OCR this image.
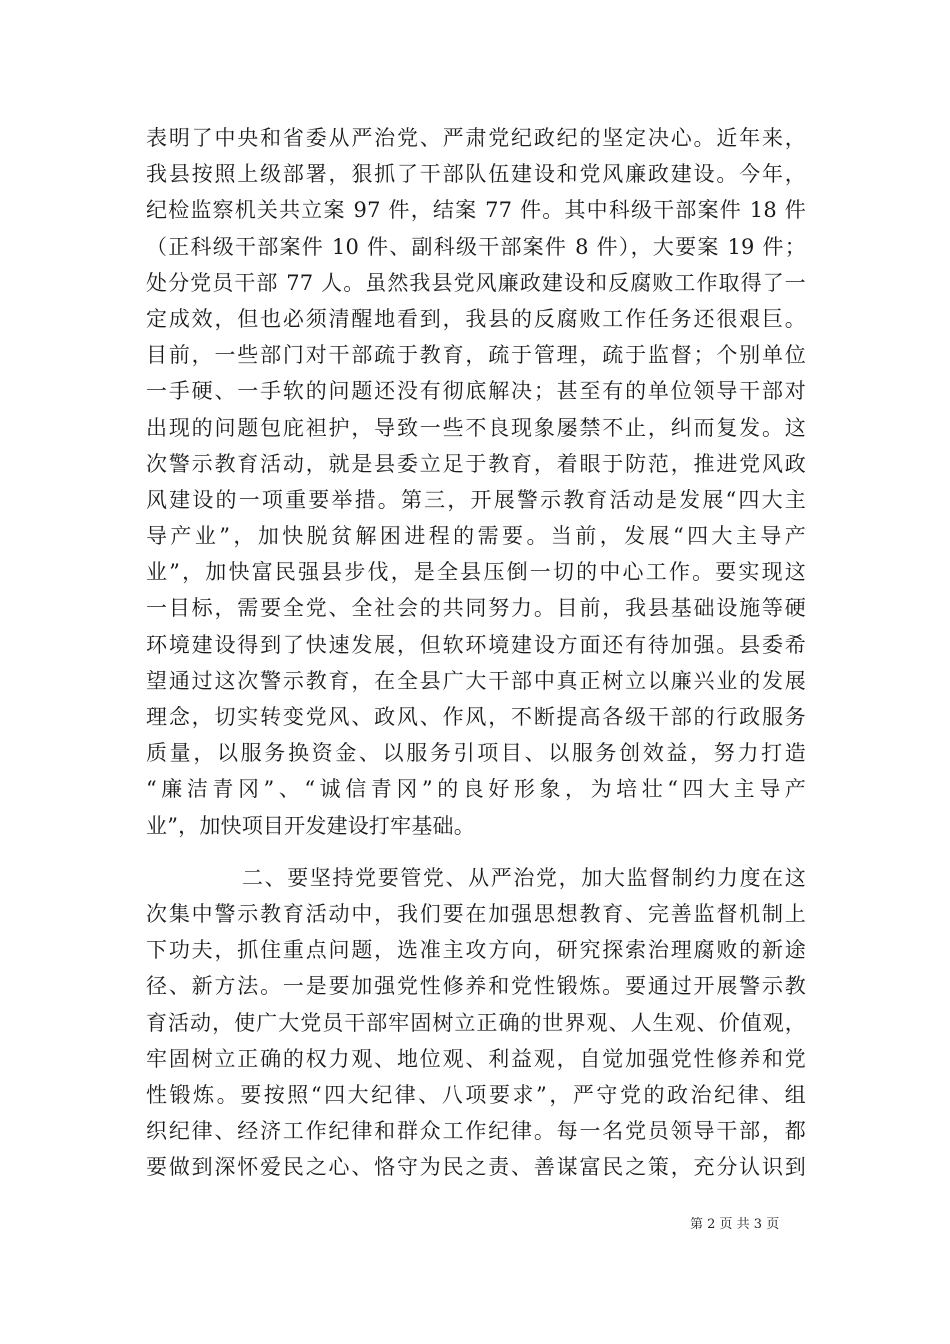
表明了中央和省委从严治党、严肃党纪政纪的坚定决心。近年来，
我县按照上级部署，狠抓了干部队伍建设和党风廉政建设。今年，
纪检监察机关共立案 97 件，结案 77 件。其中科级干部案件 18 件
（正科级干部案件 10 件、副科级干部案件 8 件），大要案 19 件；
处分党员干部 77 人。虽然我县党风廉政建设和反腐败工作取得了一
定成效，但也必须清醒地看到，我县的反腐败工作任务还很艰巨。
目前，一些部门对干部疏于教育，疏于管理，疏于监督；个别单位
一手硬、一手软的问题还没有彻底解决；甚至有的单位领导干部对
出现的问题包庇袒护，导致一些不良现象屡禁不止，纠而复发。这
次警示教育活动，就是县委立足于教育，着眼于防范，推进党风政
风建设的一项重要举措。第三，开展警示教育活动是发展“四大主
导产业”，加快脱贫解困进程的需要。当前，发展“四大主导产
业”，加快富民强县步伐，是全县压倒一切的中心工作。要实现这
一目标，需要全党、全社会的共同努力。目前，我县基础设施等硬
环境建设得到了快速发展，但软环境建设方面还有待加强。县委希
望通过这次警示教育，在全县广大干部中真正树立以廉兴业的发展
理念，切实转变党风、政风、作风，不断提高各级干部的行政服务
质量，以服务换资金、以服务引项目、以服务创效益，努力打造
“廉洁青冈”、“诚信青冈”的良好形象，为培壮“四大主导产
业”，加快项目开发建设打牢基础。
二、要坚持党要管党、从严治党，加大监督制约力度在这
次集中警示教育活动中，我们要在加强思想教育、完善监督机制上
下功夫，抓住重点问题，选准主攻方向，研究探索治理腐败的新途
径、新方法。一是要加强党性修养和党性锻炼。要通过开展警示教
育活动，使广大党员干部牢固树立正确的世界观、人生观、价值观，
牢固树立正确的权力观、地位观、利益观，自觉加强党性修养和党
性锻炼。要按照“四大纪律、八项要求”，严守党的政治纪律、组
织纪律、经济工作纪律和群众工作纪律。每一名党员领导干部，都
要做到深怀爱民之心、恪守为民之责、善谋富民之策，充分认识到
第 2 页 共 3 页
